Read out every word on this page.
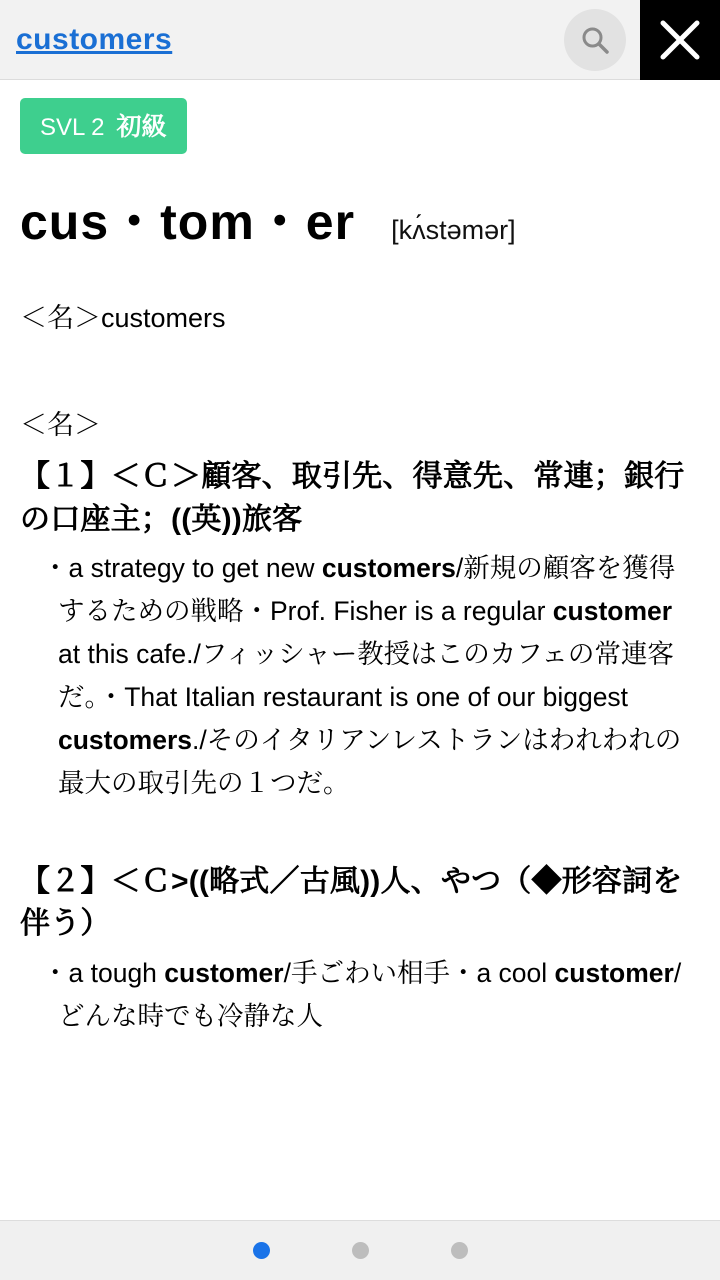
customers
SVL 2 初級
cus・tom・er [kʌ́stəmər]
＜名＞customers
＜名＞
【１】＜Ｃ＞顧客、取引先、得意先、常連；銀行の口座主；((英))旅客
・a strategy to get new customers/新規の顧客を獲得するための戦略・Prof. Fisher is a regular customer at this cafe./フィッシャー教授はこのカフェの常連客だ。・That Italian restaurant is one of our biggest customers./そのイタリアンレストランはわれわれの最大の取引先の１つだ。
【２】＜Ｃ>((略式／古風))人、やつ（◆形容詞を伴う）
・a tough customer/手ごわい相手・a cool customer/どんな時でも冷静な人
